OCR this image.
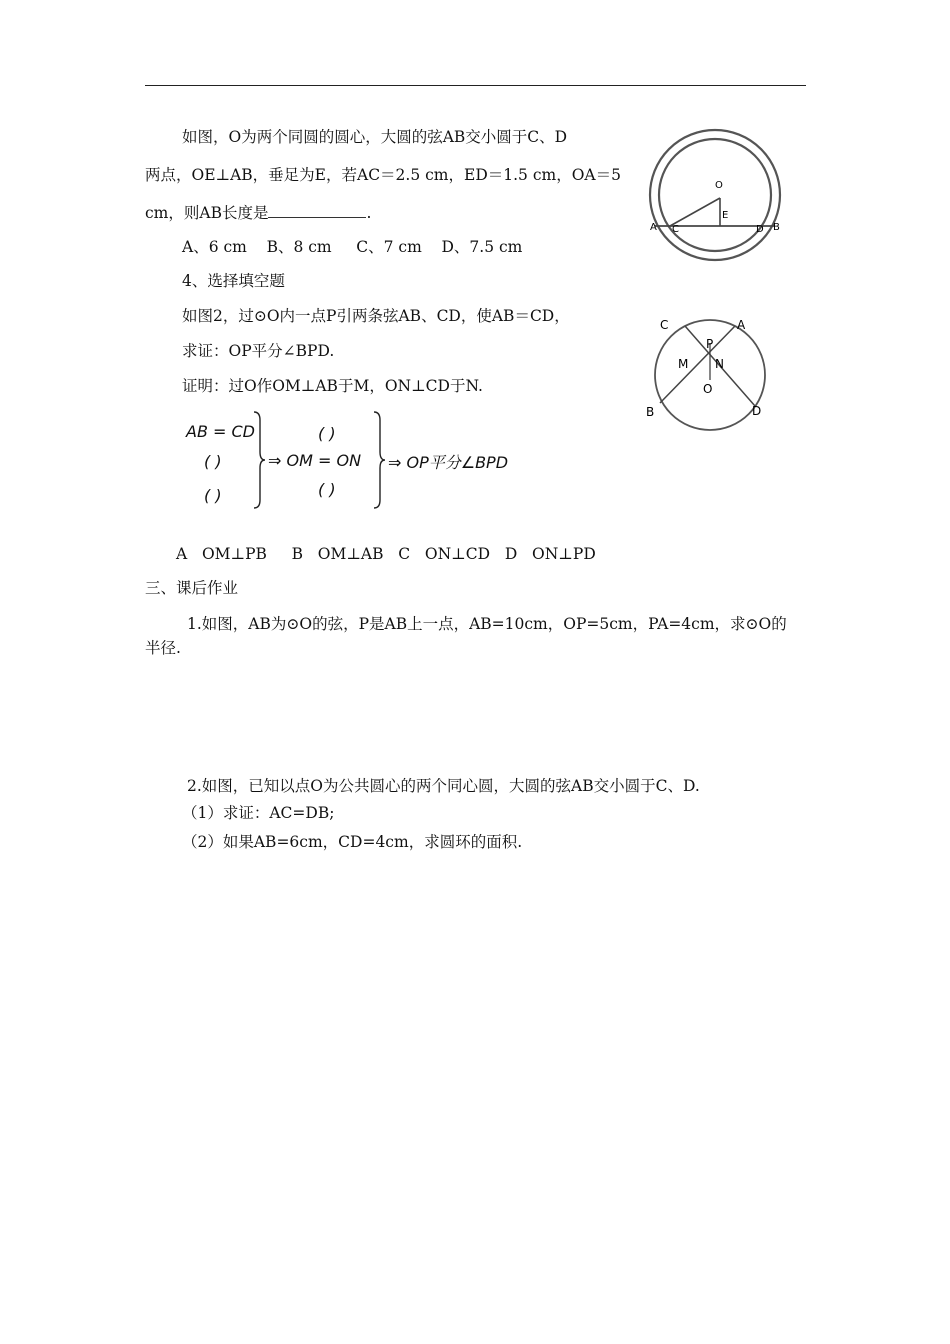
如图，O为两个同圆的圆心，大圆的弦AB交小圆于C、D
两点，OE⊥AB，垂足为E，若AC＝2.5 cm，ED＝1.5 cm，OA＝5
cm，则AB长度是	.
A、6 cm    B、8 cm     C、7 cm    D、7.5 cm
O
E
A C	D B
4、选择填空题
如图2，过⊙O内一点P引两条弦AB、CD，使AB＝CD，
求证：OP平分∠BPD.
证明：过O作OM⊥AB于M，ON⊥CD于N.
C	A
P
M N
O
B	D
AB = CD
( )
( )
( )
⇒ OM = ON
( )
⇒ OP平分∠BPD
A   OM⊥PB     B   OM⊥AB   C   ON⊥CD   D   ON⊥PD
三、课后作业
1.如图，AB为⊙O的弦，P是AB上一点，AB=10cm，OP=5cm，PA=4cm，求⊙O的
半径.
2.如图，已知以点O为公共圆心的两个同心圆，大圆的弦AB交小圆于C、D.
（1）求证：AC=DB;
（2）如果AB=6cm，CD=4cm，求圆环的面积.
